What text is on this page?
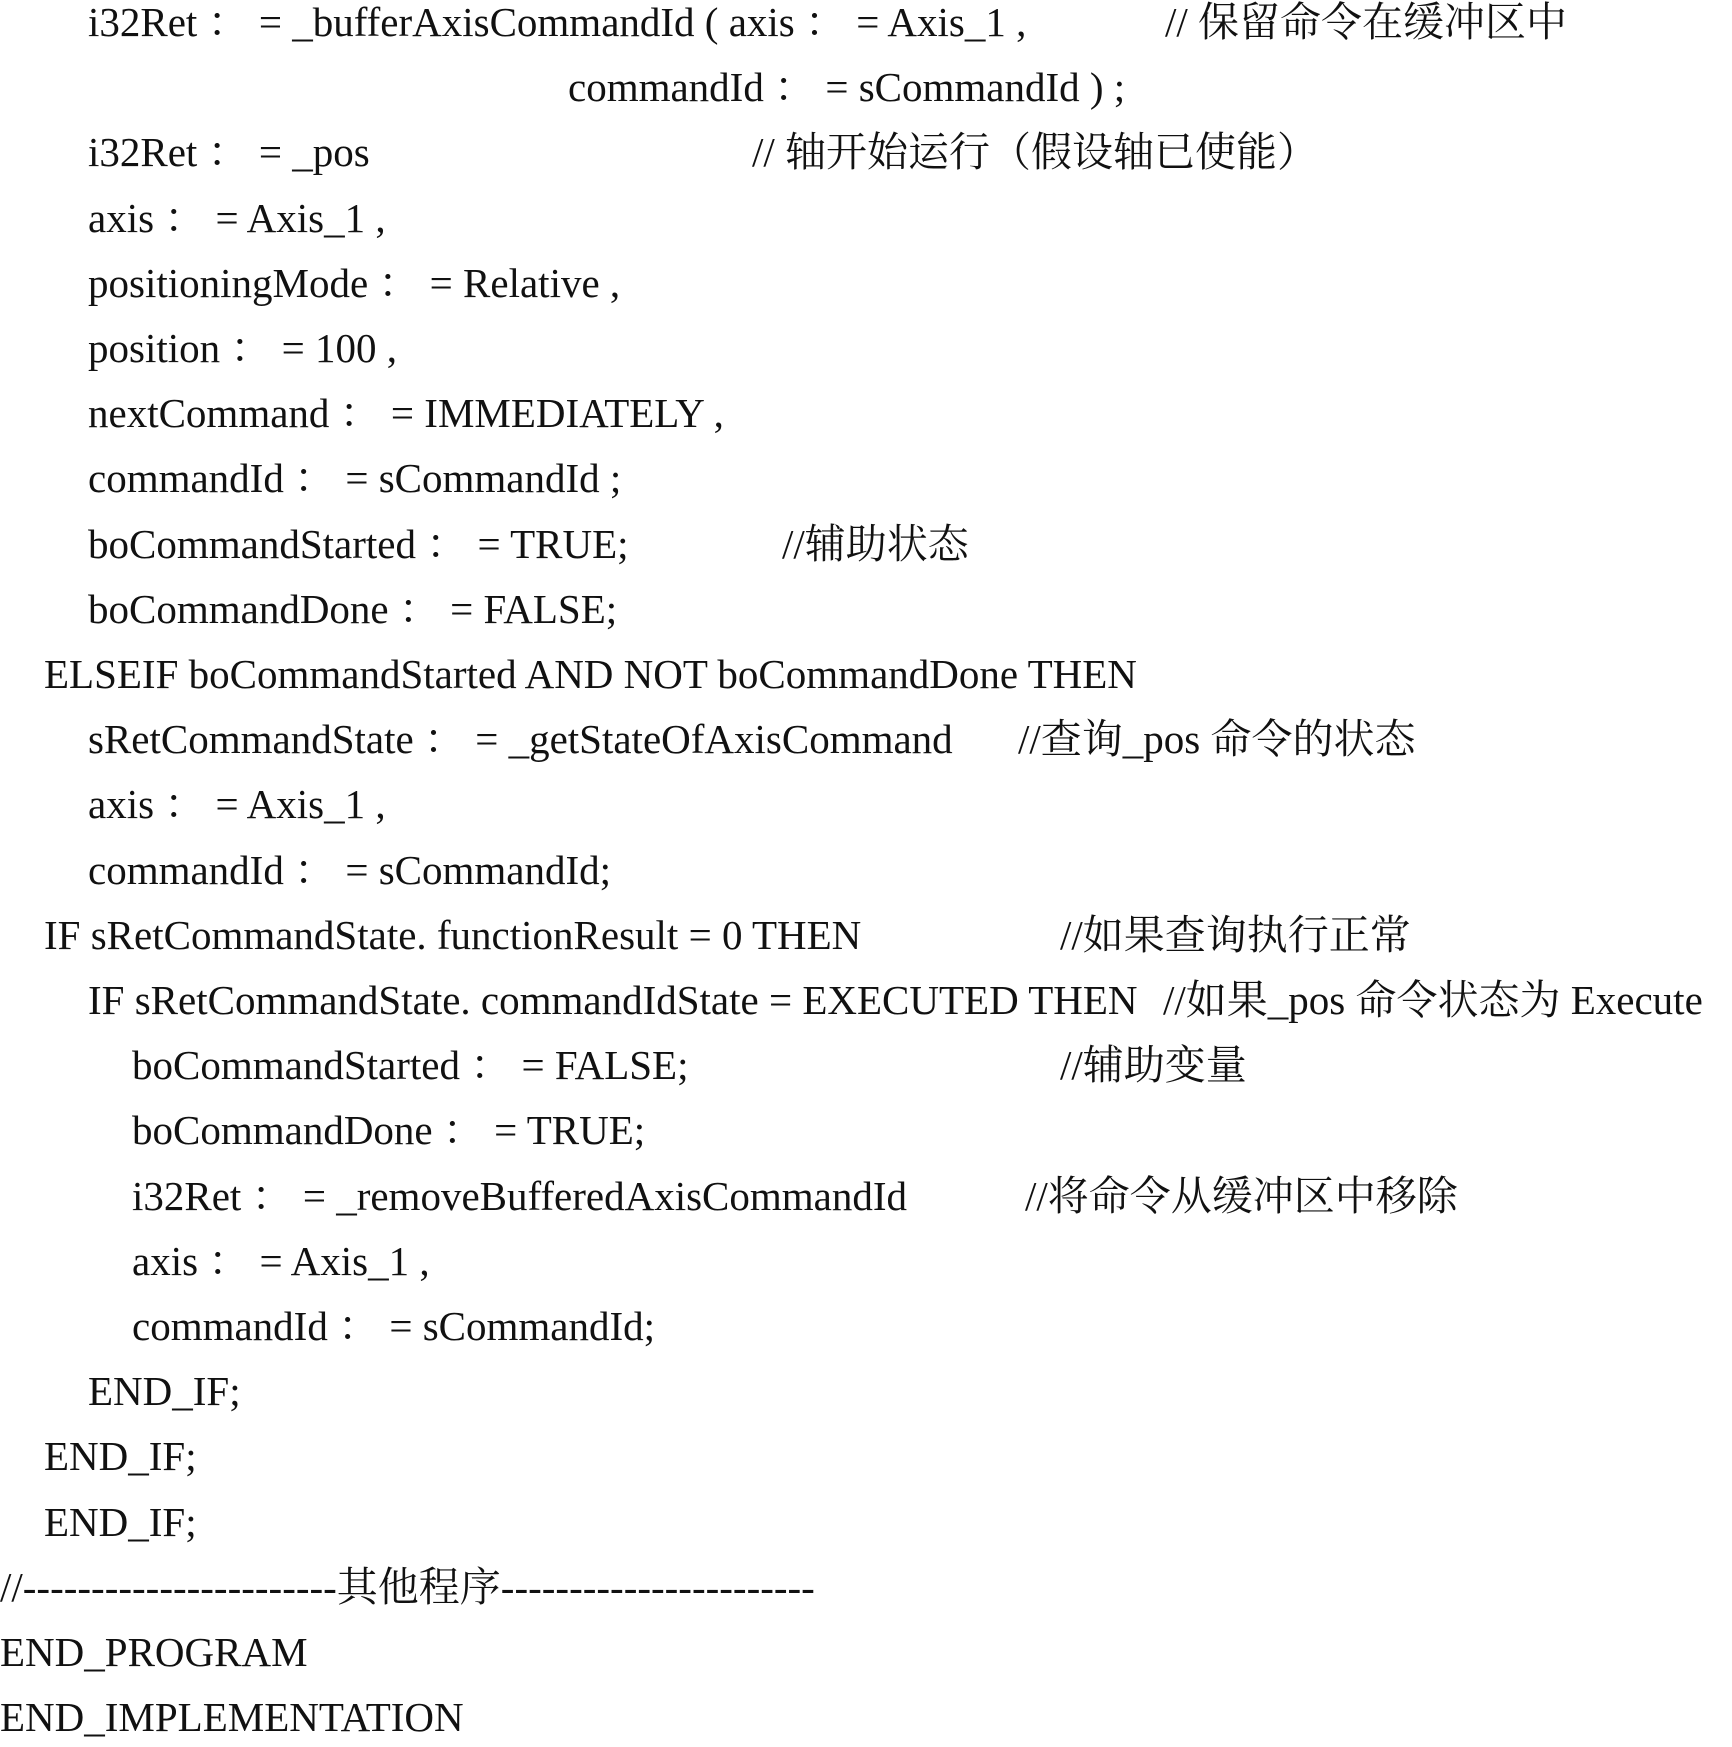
i32Ret ： = _bufferAxisCommandId ( axis ： = Axis_1 ,	// 保留命令在缓冲区中
commandId ： = sCommandId ) ;
i32Ret ： = _pos	// 轴开始运行（假设轴已使能）
axis ： = Axis_1 ,
positioningMode ： = Relative ,
position ： = 100 ,
nextCommand ： = IMMEDIATELY ,
commandId ： = sCommandId ;
boCommandStarted ： = TRUE;	//辅助状态
boCommandDone ： = FALSE;
ELSEIF boCommandStarted AND NOT boCommandDone THEN
sRetCommandState ： = _getStateOfAxisCommand //查询_pos 命令的状态
axis ： = Axis_1 ,
commandId ： = sCommandId;
IF sRetCommandState. functionResult = 0 THEN	//如果查询执行正常
IF sRetCommandState. commandIdState = EXECUTED THEN //如果_pos 命令状态为 Execute
boCommandStarted ： = FALSE;	//辅助变量
boCommandDone ： = TRUE;
i32Ret ： = _removeBufferedAxisCommandId	//将命令从缓冲区中移除
axis ： = Axis_1 ,
commandId ： = sCommandId;
END_IF;
END_IF;
END_IF;
//-----------------------其他程序-----------------------
END_PROGRAM
END_IMPLEMENTATION
